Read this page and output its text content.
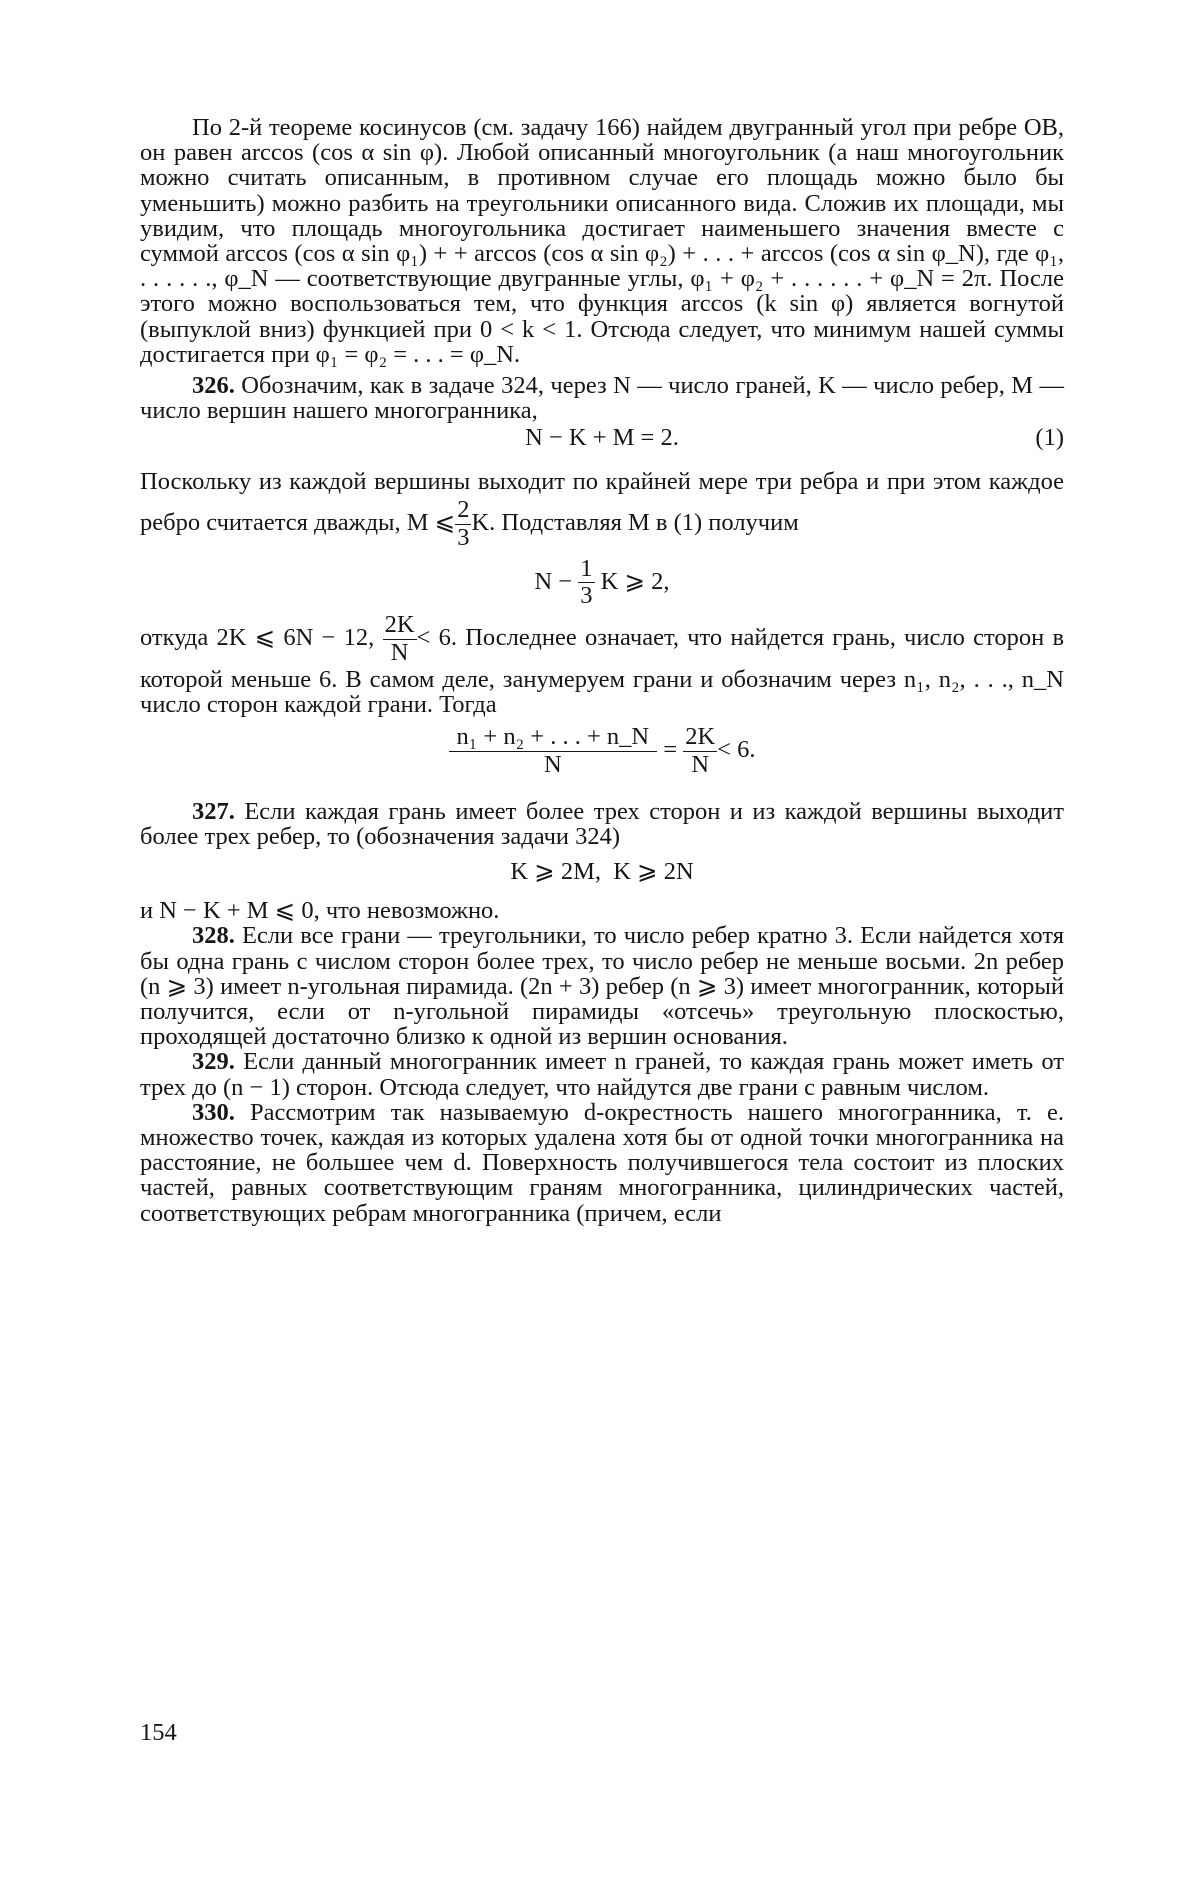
По 2-й теореме косинусов (см. задачу 166) найдем двугранный угол при ребре OB, он равен arccos (cos α sin φ). Любой описанный многоугольник (а наш многоугольник можно считать описанным, в противном случае его площадь можно было бы уменьшить) можно разбить на треугольники описанного вида. Сложив их площади, мы увидим, что площадь многоугольника достигает наименьшего значения вместе с суммой arccos (cos α sin φ₁) + + arccos (cos α sin φ₂) + . . . + arccos (cos α sin φ_N), где φ₁, . . . . . ., φ_N — соответствующие двугранные углы, φ₁ + φ₂ + . . . . . . + φ_N = 2π. После этого можно воспользоваться тем, что функция arccos (k sin φ) является вогнутой (выпуклой вниз) функцией при 0 < k < 1. Отсюда следует, что минимум нашей суммы достигается при φ₁ = φ₂ = . . . = φ_N.

326. Обозначим, как в задаче 324, через N — число граней, K — число ребер, M — число вершин нашего многогранника,

N − K + M = 2.	(1)

Поскольку из каждой вершины выходит по крайней мере три ребра и при этом каждое ребро считается дважды, M ⩽ $\frac{2}{3} K$. Подставляя M в (1) получим

$N - \frac{1}{3}$ K ⩾ 2,

откуда 2K ⩽ 6N − 12, $\frac{2K}{N} < 6$. Последнее означает, что найдется грань, число сторон в которой меньше 6. В самом деле, занумеруем грани и обозначим через n₁, n₂, . . ., n_N число сторон каждой грани. Тогда

$\frac{\text{n₁ + n₂ + . . . + n\_N}}{N} = \frac{2K}{N} < 6$.

327. Если каждая грань имеет более трех сторон и из каждой вершины выходит более трех ребер, то (обозначения задачи 324)

K ⩾ 2M,  K ⩾ 2N

и N − K + M ⩽ 0, что невозможно.

328. Если все грани — треугольники, то число ребер кратно 3. Если найдется хотя бы одна грань с числом сторон более трех, то число ребер не меньше восьми. 2n ребер (n ⩾ 3) имеет n-угольная пирамида. (2n + 3) ребер (n ⩾ 3) имеет многогранник, который получится, если от n-угольной пирамиды «отсечь» треугольную плоскостью, проходящей достаточно близко к одной из вершин основания.

329. Если данный многогранник имеет n граней, то каждая грань может иметь от трех до (n − 1) сторон. Отсюда следует, что найдутся две грани с равным числом.

330. Рассмотрим так называемую d-окрестность нашего многогранника, т. е. множество точек, каждая из которых удалена хотя бы от одной точки многогранника на расстояние, не большее чем d. Поверхность получившегося тела состоит из плоских частей, равных соответствующим граням многогранника, цилиндрических частей, соответствующих ребрам многогранника (причем, если

154
